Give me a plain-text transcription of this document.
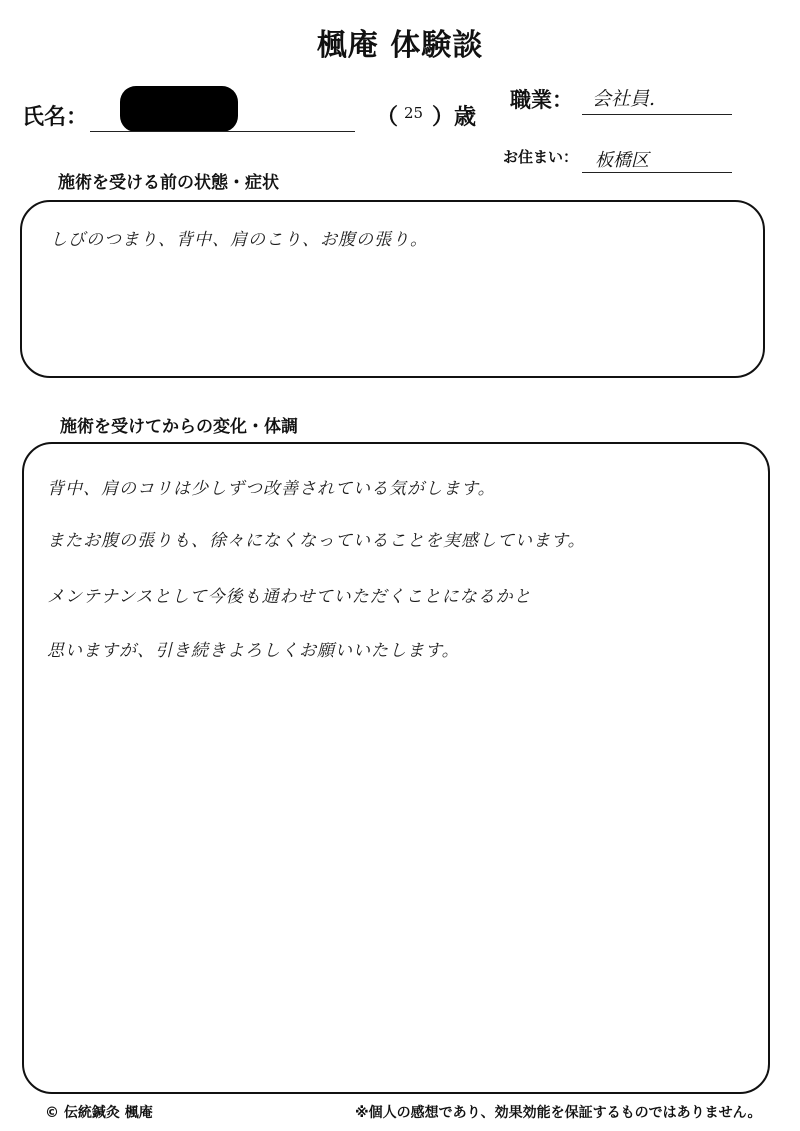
楓庵 体験談
氏名：	（ 25 ）歳
職業： 会社員.
お住まい： 板橋区
施術を受ける前の状態・症状
しびのつまり、背中、肩のこり、お腹の張り。
施術を受けてからの変化・体調
背中、肩のコリは少しずつ改善されている気がします。
またお腹の張りも、徐々になくなっていることを実感しています。
メンテナンスとして今後も通わせていただくことになるかと
思いますが、引き続きよろしくお願いいたします。
© 伝統鍼灸 楓庵	※個人の感想であり、効果効能を保証するものではありません。
